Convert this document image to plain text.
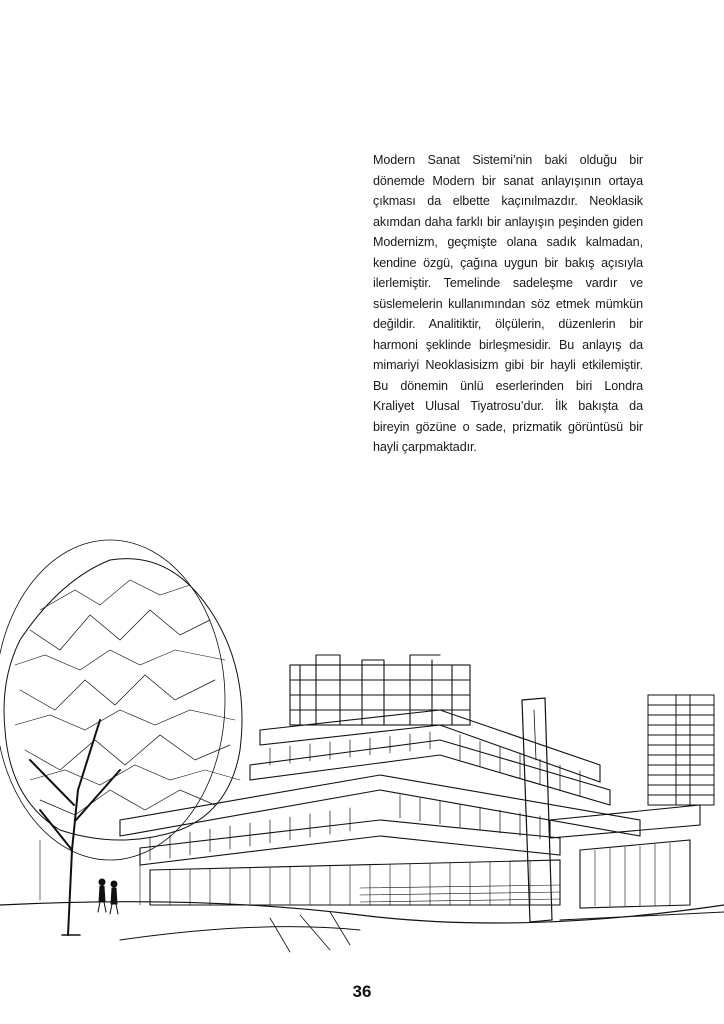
Modern Sanat Sistemi’nin baki olduğu bir dönemde Modern bir sanat anlayışının ortaya çıkması da elbette kaçınılmazdır. Neoklasik akımdan daha farklı bir anlayışın peşinden giden Modernizm, geçmişte olana sadık kalmadan, kendine özgü, çağına uygun bir bakış açısıyla ilerlemiştir. Temelinde sadeleşme vardır ve süslemelerin kullanımından söz etmek mümkün değildir. Analitiktir, ölçülerin, düzenlerin bir harmoni şeklinde birleşmesidir. Bu anlayış da mimariyi Neoklasisizm gibi bir hayli etkilemiştir. Bu dönemin ünlü eserlerinden biri Londra Kraliyet Ulusal Tiyatrosu’dur. İlk bakışta da bireyin gözüne o sade, prizmatik görüntüsü bir hayli çarpmaktadır.
36
